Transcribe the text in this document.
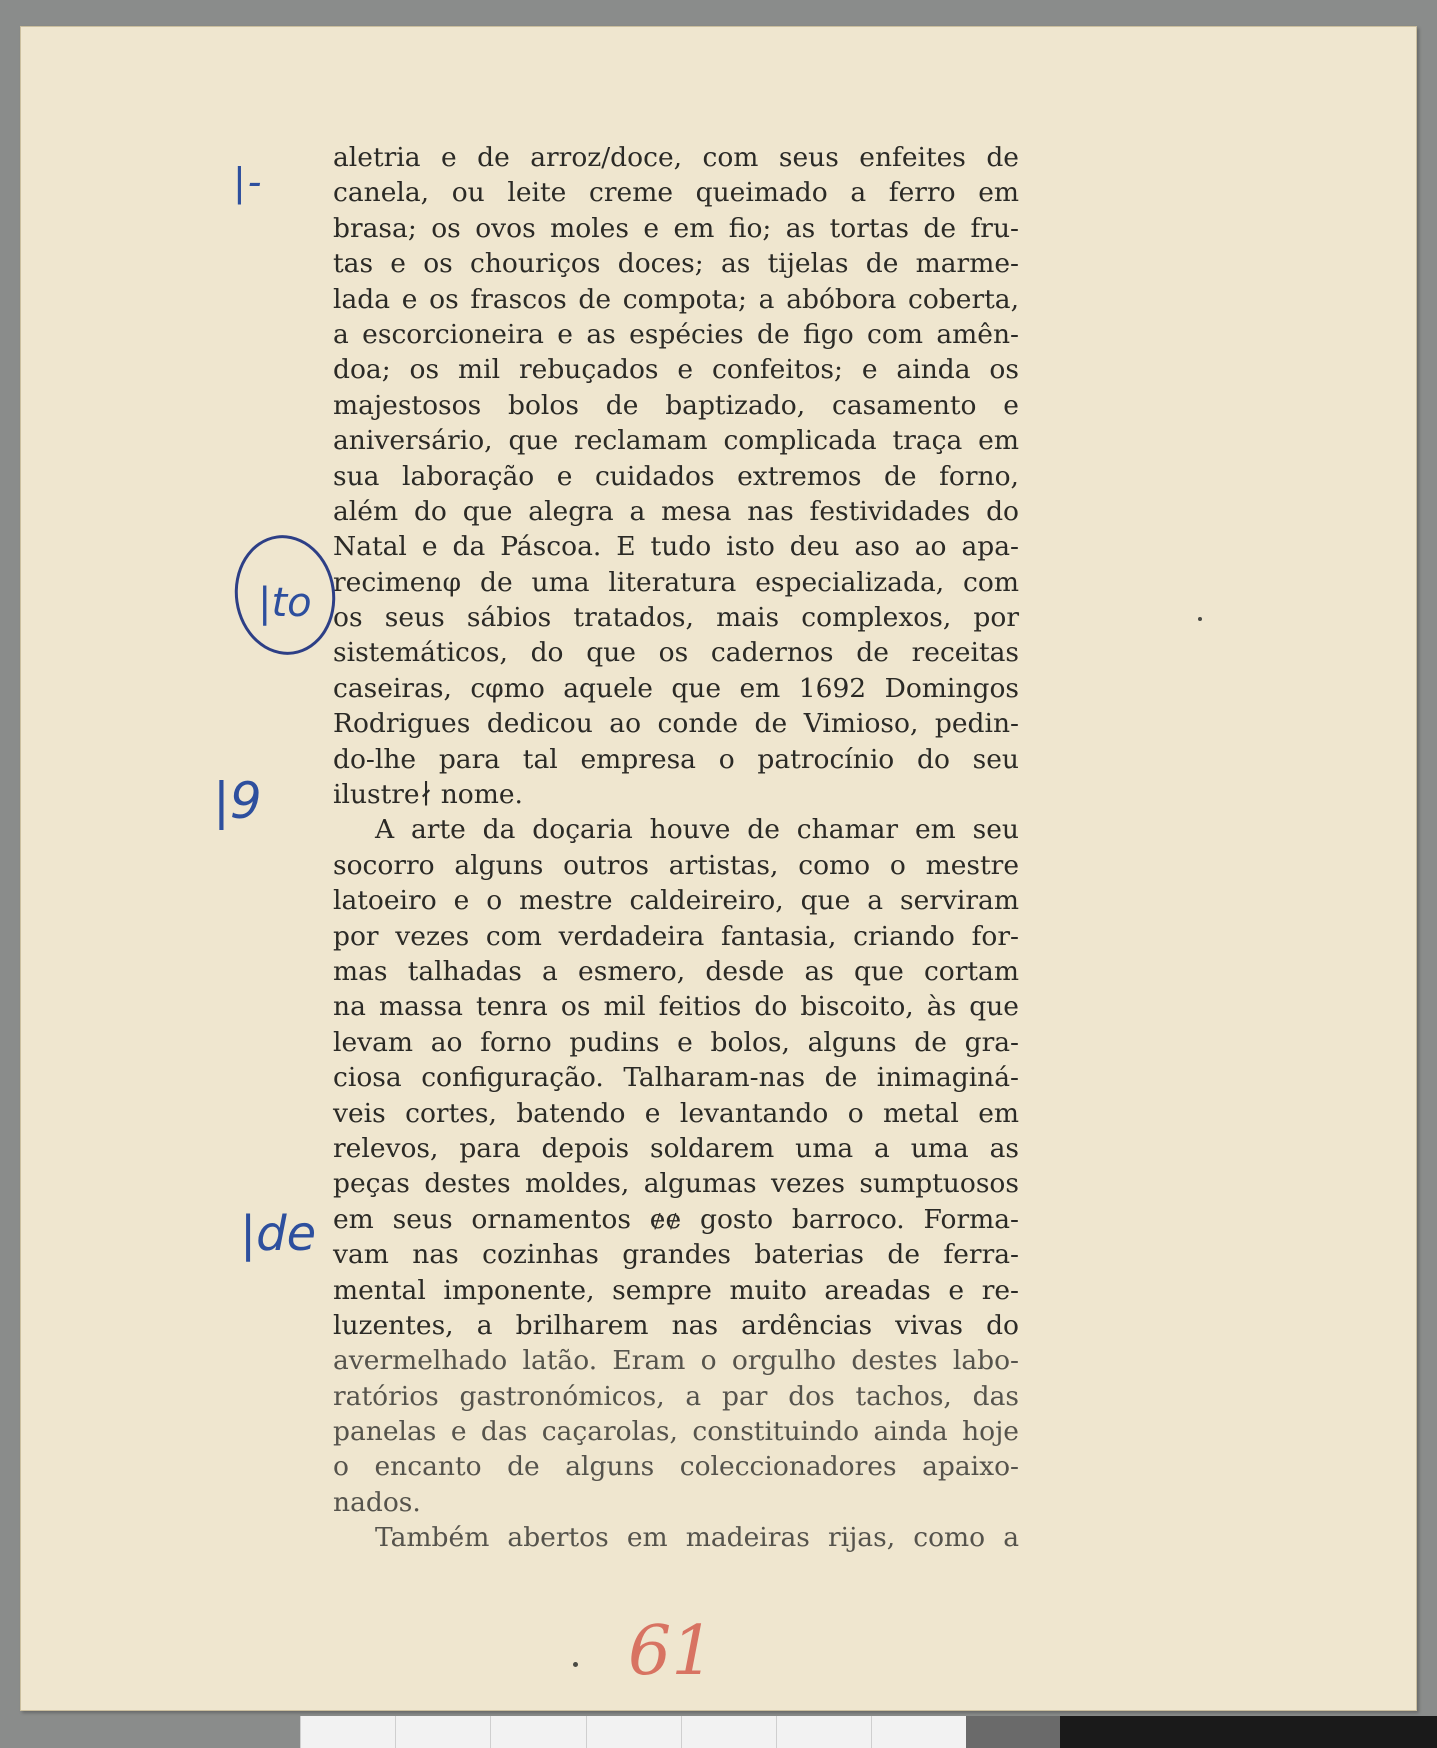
aletria e de arroz/doce, com seus enfeites de
canela, ou leite creme queimado a ferro em
brasa; os ovos moles e em fio; as tortas de fru-
tas e os chouriços doces; as tijelas de marme-
lada e os frascos de compota; a abóbora coberta,
a escorcioneira e as espécies de figo com amên-
doa; os mil rebuçados e confeitos; e ainda os
majestosos bolos de baptizado, casamento e
aniversário, que reclamam complicada traça em
sua laboração e cuidados extremos de forno,
além do que alegra a mesa nas festividades do
Natal e da Páscoa. E tudo isto deu aso ao apa-
recimenφ de uma literatura especializada, com
os seus sábios tratados, mais complexos, por
sistemáticos, do que os cadernos de receitas
caseiras, cφmo aquele que em 1692 Domingos
Rodrigues dedicou ao conde de Vimioso, pedin-
do-lhe para tal empresa o patrocínio do seu
ilustre∤ nome.
A arte da doçaria houve de chamar em seu
socorro alguns outros artistas, como o mestre
latoeiro e o mestre caldeireiro, que a serviram
por vezes com verdadeira fantasia, criando for-
mas talhadas a esmero, desde as que cortam
na massa tenra os mil feitios do biscoito, às que
levam ao forno pudins e bolos, alguns de gra-
ciosa configuração. Talharam-nas de inimaginá-
veis cortes, batendo e levantando o metal em
relevos, para depois soldarem uma a uma as
peças destes moldes, algumas vezes sumptuosos
em seus ornamentos ɇɇ gosto barroco. Forma-
vam nas cozinhas grandes baterias de ferra-
mental imponente, sempre muito areadas e re-
luzentes, a brilharem nas ardências vivas do
avermelhado latão. Eram o orgulho destes labo-
ratórios gastronómicos, a par dos tachos, das
panelas e das caçarolas, constituindo ainda hoje
o encanto de alguns coleccionadores apaixo-
nados.
Também abertos em madeiras rijas, como a
|-
|to
|9
|de
61
